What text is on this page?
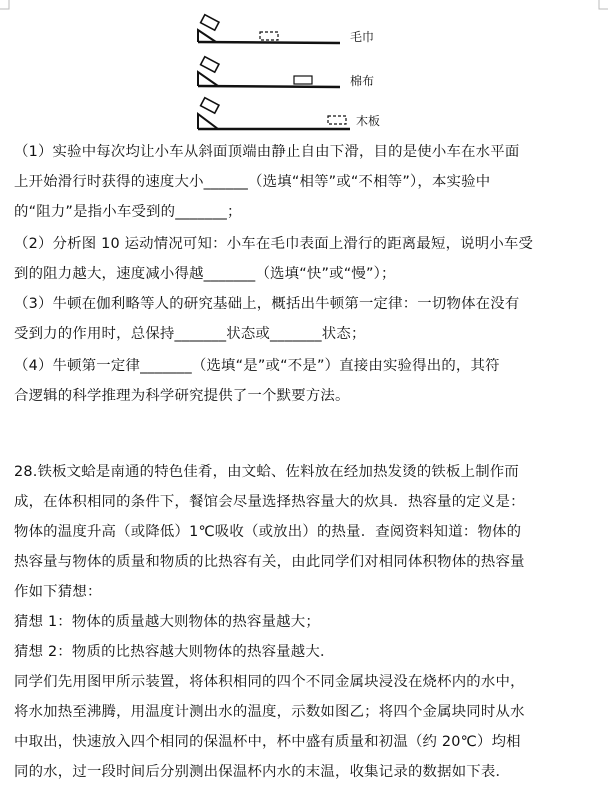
毛巾
棉布
木板
（1）实验中每次均让小车从斜面顶端由静止自由下滑，目的是使小车在水平面
上开始滑行时获得的速度大小______（选填“相等”或“不相等”），本实验中
的“阻力”是指小车受到的_______；
（2）分析图 10 运动情况可知：小车在毛巾表面上滑行的距离最短，说明小车受
到的阻力越大，速度减小得越_______（选填“快”或“慢”）；
（3）牛顿在伽利略等人的研究基础上，概括出牛顿第一定律：一切物体在没有
受到力的作用时，总保持_______状态或_______状态；
（4）牛顿第一定律_______（选填“是”或“不是”）直接由实验得出的，其符
合逻辑的科学推理为科学研究提供了一个默要方法。
28.铁板文蛤是南通的特色佳肴，由文蛤、佐料放在经加热发烫的铁板上制作而
成，在体积相同的条件下，餐馆会尽量选择热容量大的炊具．热容量的定义是：
物体的温度升高（或降低）1℃吸收（或放出）的热量．查阅资料知道：物体的
热容量与物体的质量和物质的比热容有关，由此同学们对相同体积物体的热容量
作如下猜想：
猜想 1：物体的质量越大则物体的热容量越大；
猜想 2：物质的比热容越大则物体的热容量越大．
同学们先用图甲所示装置，将体积相同的四个不同金属块浸没在烧杯内的水中，
将水加热至沸腾，用温度计测出水的温度，示数如图乙；将四个金属块同时从水
中取出，快速放入四个相同的保温杯中，杯中盛有质量和初温（约 20℃）均相
同的水，过一段时间后分别测出保温杯内水的末温，收集记录的数据如下表．
